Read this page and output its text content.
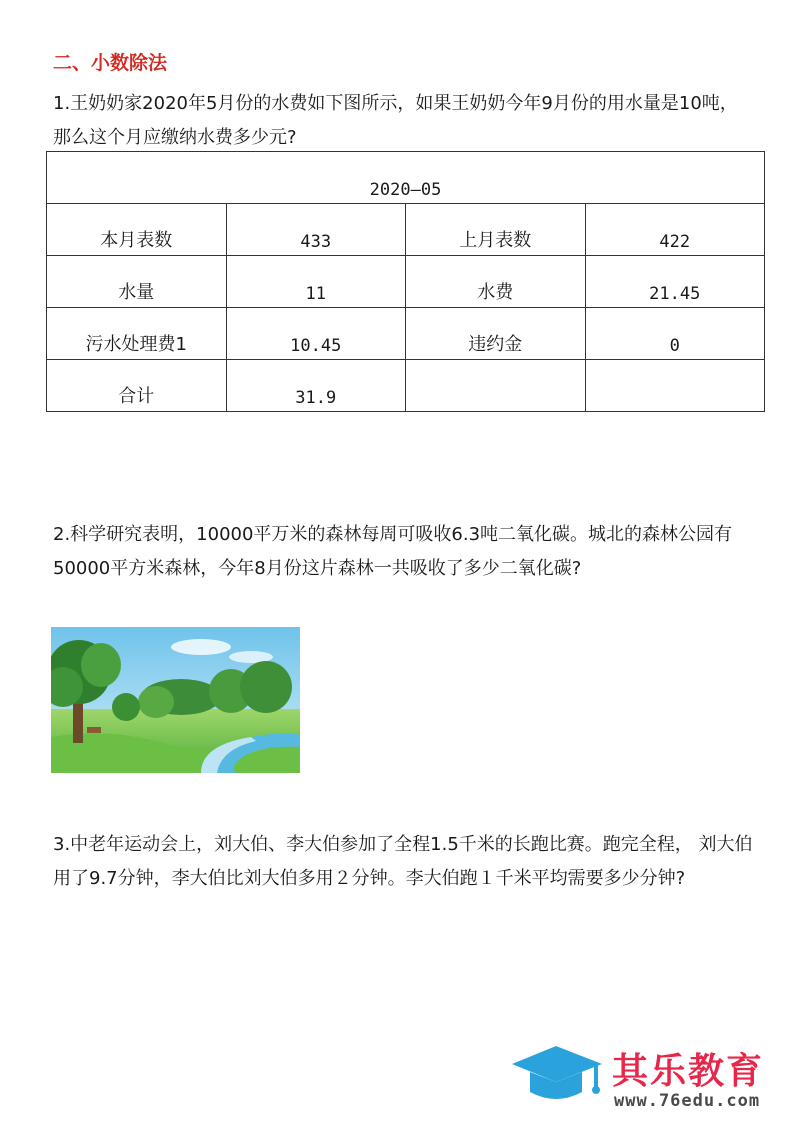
二、小数除法

1.王奶奶家2020年5月份的水费如下图所示，如果王奶奶今年9月份的用水量是10吨，那么这个月应缴纳水费多少元?

2020—05			
本月表数	433	上月表数	422
水量	11	水费	21.45
污水处理费1	10.45	违约金	0
合计	31.9		

2.科学研究表明，10000平万米的森林每周可吸收6.3吨二氧化碳。城北的森林公园有50000平方米森林，今年8月份这片森林一共吸收了多少二氧化碳?

3.中老年运动会上，刘大伯、李大伯参加了全程1.5千米的长跑比赛。跑完全程， 刘大伯用了9.7分钟，李大伯比刘大伯多用２分钟。李大伯跑１千米平均需要多少分钟?

其乐教育
www.76edu.com
